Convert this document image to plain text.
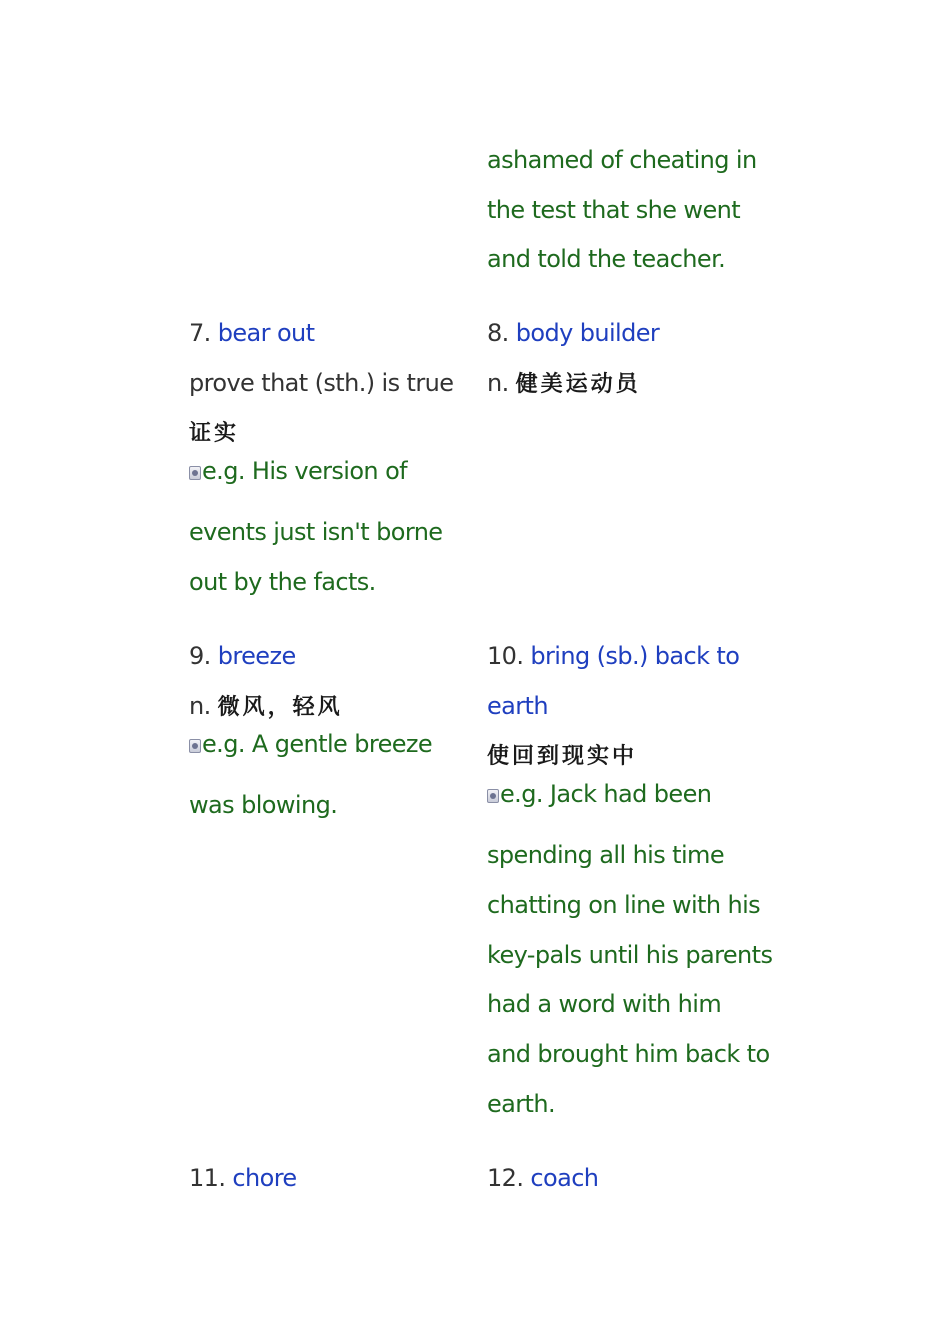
ashamed of cheating in
the test that she went
and told the teacher.
7. bear out
prove that (sth.) is true
证实
e.g. His version of
events just isn't borne
out by the facts.
8. body builder
n. 健美运动员
9. breeze
n. 微风，轻风
e.g. A gentle breeze
was blowing.
10. bring (sb.) back to
earth
使回到现实中
e.g. Jack had been
spending all his time
chatting on line with his
key-pals until his parents
had a word with him
and brought him back to
earth.
11. chore	12. coach
